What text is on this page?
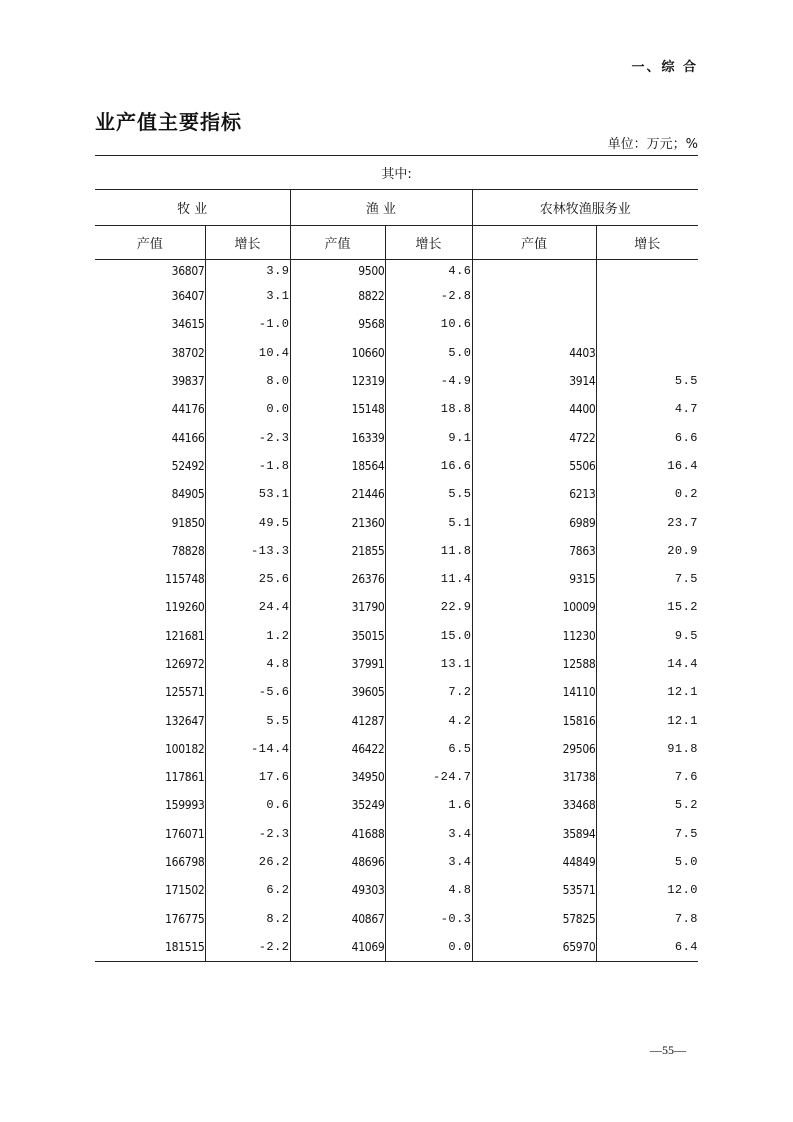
一、综 合
业产值主要指标
单位：万元；%
其中:					
牧 业		渔 业		农林牧渔服务业	
产值	增长	产值	增长	产值	增长
36807	3.9	9500	4.6		
36407	3.1	8822	-2.8		
34615	-1.0	9568	10.6		
38702	10.4	10660	5.0	4403	
39837	8.0	12319	-4.9	3914	5.5
44176	0.0	15148	18.8	4400	4.7
44166	-2.3	16339	9.1	4722	6.6
52492	-1.8	18564	16.6	5506	16.4
84905	53.1	21446	5.5	6213	0.2
91850	49.5	21360	5.1	6989	23.7
78828	-13.3	21855	11.8	7863	20.9
115748	25.6	26376	11.4	9315	7.5
119260	24.4	31790	22.9	10009	15.2
121681	1.2	35015	15.0	11230	9.5
126972	4.8	37991	13.1	12588	14.4
125571	-5.6	39605	7.2	14110	12.1
132647	5.5	41287	4.2	15816	12.1
100182	-14.4	46422	6.5	29506	91.8
117861	17.6	34950	-24.7	31738	7.6
159993	0.6	35249	1.6	33468	5.2
176071	-2.3	41688	3.4	35894	7.5
166798	26.2	48696	3.4	44849	5.0
171502	6.2	49303	4.8	53571	12.0
176775	8.2	40867	-0.3	57825	7.8
181515	-2.2	41069	0.0	65970	6.4
—55—
